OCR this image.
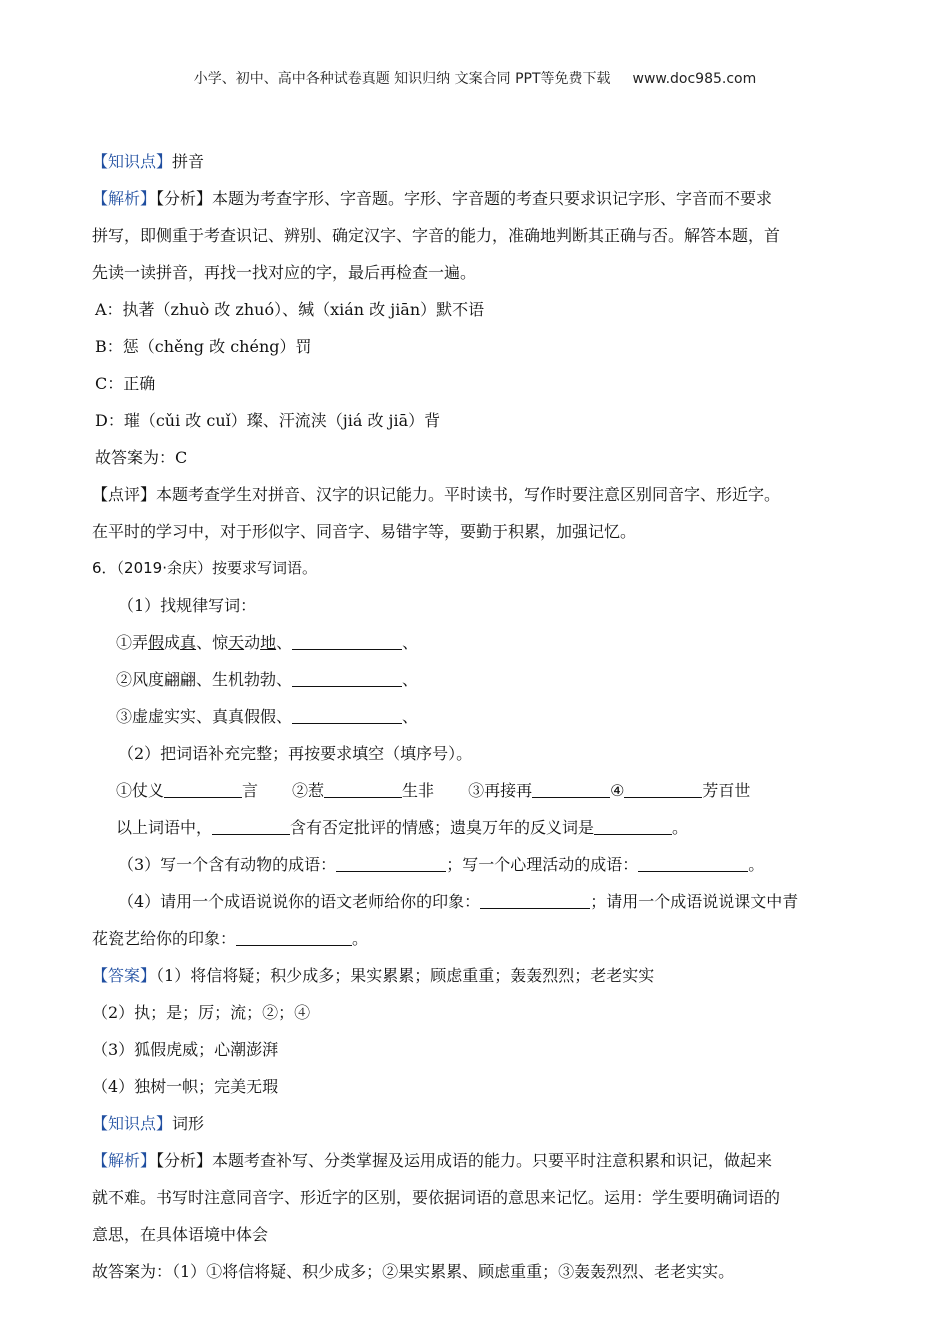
小学、初中、高中各种试卷真题 知识归纳 文案合同 PPT等免费下载 www.doc985.com
【知识点】拼音
【解析】【分析】本题为考查字形、字音题。字形、字音题的考查只要求识记字形、字音而不要求
拼写，即侧重于考查识记、辨别、确定汉字、字音的能力，准确地判断其正确与否。解答本题，首
先读一读拼音，再找一找对应的字，最后再检查一遍。
A：执著（zhuò 改 zhuó）、缄（xián 改 jiān）默不语
B：惩（chěng 改 chéng）罚
C：正确
D：璀（cǔi 改 cuǐ）璨、汗流浃（jiá 改 jiā）背
故答案为：C
【点评】本题考查学生对拼音、汉字的识记能力。平时读书，写作时要注意区别同音字、形近字。
在平时的学习中，对于形似字、同音字、易错字等，要勤于积累，加强记忆。
6．（2019·余庆）按要求写词语。
（1）找规律写词：
①弄假成真、惊天动地、	、
②风度翩翩、生机勃勃、	、
③虚虚实实、真真假假、	、
（2）把词语补充完整；再按要求填空（填序号）。
①仗义	言 ②惹	生非 ③再接再	④	芳百世
以上词语中，	含有否定批评的情感；遗臭万年的反义词是	。
（3）写一个含有动物的成语：	；写一个心理活动的成语：	。
（4）请用一个成语说说你的语文老师给你的印象：	；请用一个成语说说课文中青
花瓷艺给你的印象：	。
【答案】（1）将信将疑；积少成多；果实累累；顾虑重重；轰轰烈烈；老老实实
（2）执；是；厉；流；②；④
（3）狐假虎威；心潮澎湃
（4）独树一帜；完美无瑕
【知识点】词形
【解析】【分析】本题考查补写、分类掌握及运用成语的能力。只要平时注意积累和识记，做起来
就不难。书写时注意同音字、形近字的区别，要依据词语的意思来记忆。运用：学生要明确词语的
意思，在具体语境中体会
故答案为：（1）①将信将疑、积少成多；②果实累累、顾虑重重；③轰轰烈烈、老老实实。
